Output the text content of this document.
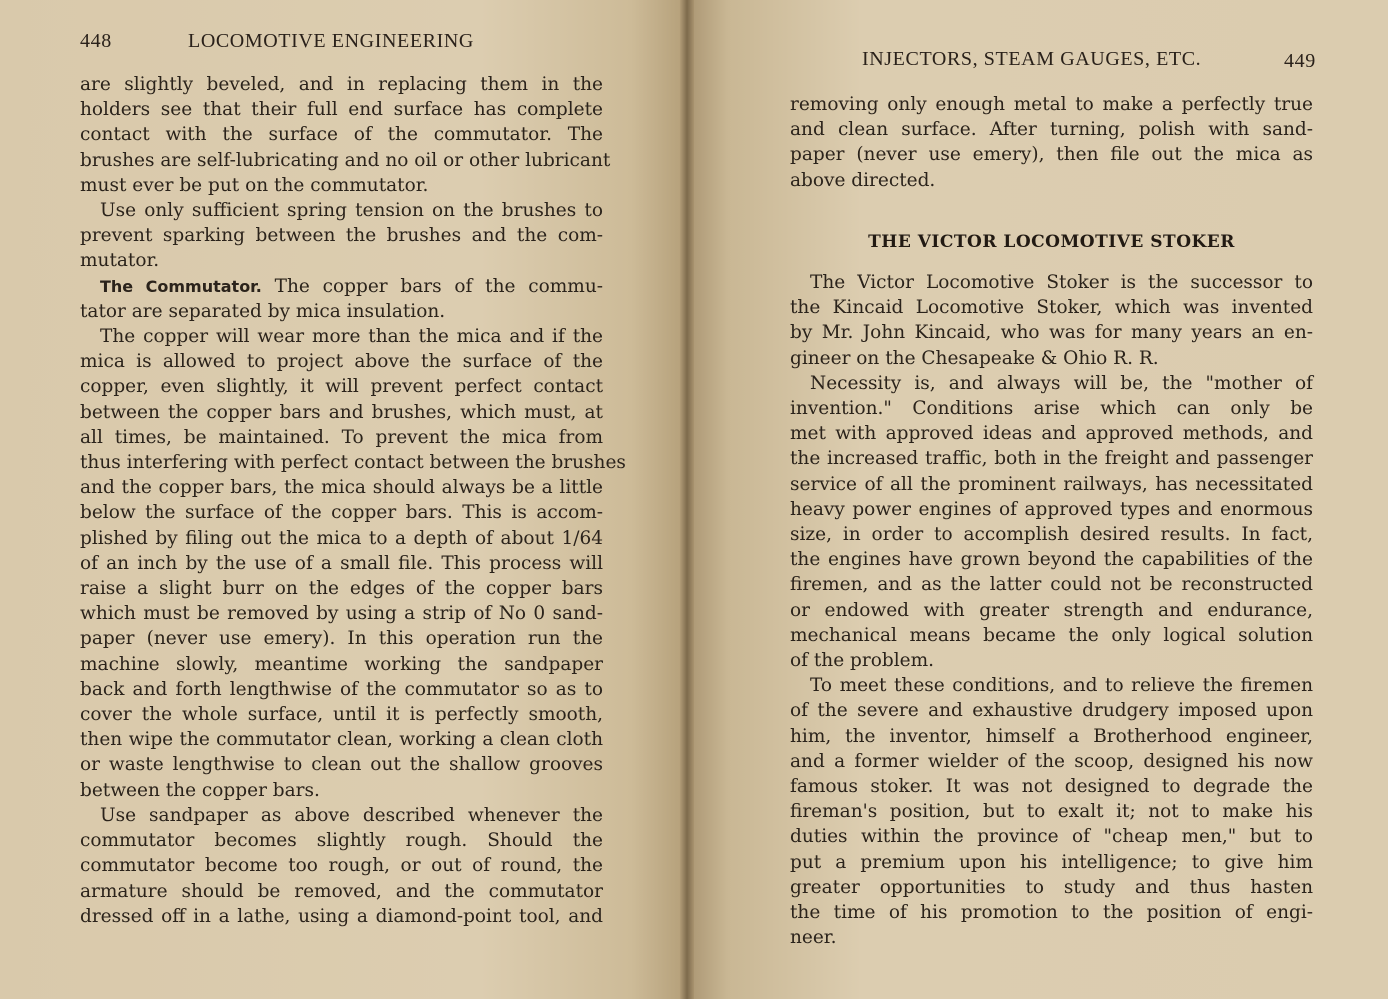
448	LOCOMOTIVE ENGINEERING
INJECTORS, STEAM GAUGES, ETC.	449
are slightly beveled, and in replacing them in the
holders see that their full end surface has complete
contact with the surface of the commutator. The
brushes are self-lubricating and no oil or other lubricant
must ever be put on the commutator.
Use only sufficient spring tension on the brushes to
prevent sparking between the brushes and the com-
mutator.
The Commutator. The copper bars of the commu-
tator are separated by mica insulation.
The copper will wear more than the mica and if the
mica is allowed to project above the surface of the
copper, even slightly, it will prevent perfect contact
between the copper bars and brushes, which must, at
all times, be maintained. To prevent the mica from
thus interfering with perfect contact between the brushes
and the copper bars, the mica should always be a little
below the surface of the copper bars. This is accom-
plished by filing out the mica to a depth of about 1/64
of an inch by the use of a small file. This process will
raise a slight burr on the edges of the copper bars
which must be removed by using a strip of No 0 sand-
paper (never use emery). In this operation run the
machine slowly, meantime working the sandpaper
back and forth lengthwise of the commutator so as to
cover the whole surface, until it is perfectly smooth,
then wipe the commutator clean, working a clean cloth
or waste lengthwise to clean out the shallow grooves
between the copper bars.
Use sandpaper as above described whenever the
commutator becomes slightly rough. Should the
commutator become too rough, or out of round, the
armature should be removed, and the commutator
dressed off in a lathe, using a diamond-point tool, and
removing only enough metal to make a perfectly true
and clean surface. After turning, polish with sand-
paper (never use emery), then file out the mica as
above directed.
THE VICTOR LOCOMOTIVE STOKER
The Victor Locomotive Stoker is the successor to
the Kincaid Locomotive Stoker, which was invented
by Mr. John Kincaid, who was for many years an en-
gineer on the Chesapeake & Ohio R. R.
Necessity is, and always will be, the "mother of
invention." Conditions arise which can only be
met with approved ideas and approved methods, and
the increased traffic, both in the freight and passenger
service of all the prominent railways, has necessitated
heavy power engines of approved types and enormous
size, in order to accomplish desired results. In fact,
the engines have grown beyond the capabilities of the
firemen, and as the latter could not be reconstructed
or endowed with greater strength and endurance,
mechanical means became the only logical solution
of the problem.
To meet these conditions, and to relieve the firemen
of the severe and exhaustive drudgery imposed upon
him, the inventor, himself a Brotherhood engineer,
and a former wielder of the scoop, designed his now
famous stoker. It was not designed to degrade the
fireman's position, but to exalt it; not to make his
duties within the province of "cheap men," but to
put a premium upon his intelligence; to give him
greater opportunities to study and thus hasten
the time of his promotion to the position of engi-
neer.
